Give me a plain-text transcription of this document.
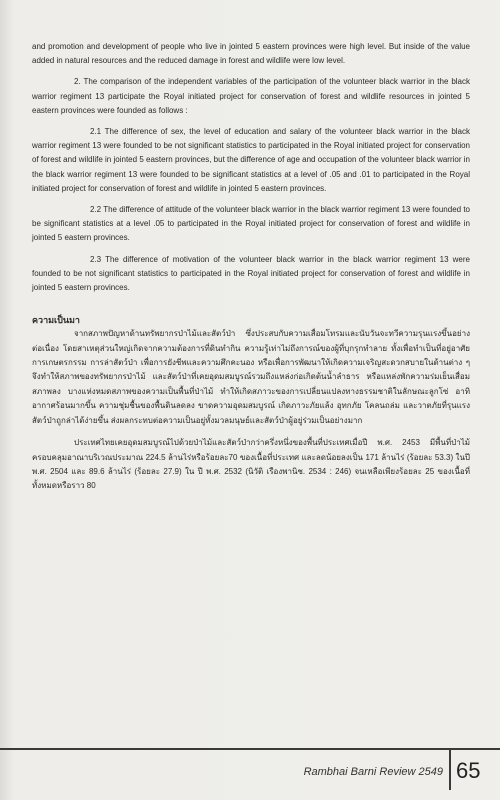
and promotion and development of people who live in jointed 5 eastern provinces were high level. But inside of the value added in natural resources and the reduced damage in forest and wildlife were low level.

2. The comparison of the independent variables of the participation of the volunteer black warrior in the black warrior regiment 13 participate the Royal initiated project for conservation of forest and wildlife resources in jointed 5 eastern provinces were founded as follows :

2.1 The difference of sex, the level of education and salary of the volunteer black warrior in the black warrior regiment 13 were founded to be not significant statistics to participated in the Royal initiated project for conservation of forest and wildlife in jointed 5 eastern provinces, but the difference of age and occupation of the volunteer black warrior in the black warrior regiment 13 were founded to be significant statistics at a level of .05 and .01 to participated in the Royal initiated project for conservation of forest and wildlife in jointed 5 eastern provinces.

2.2 The difference of attitude of the volunteer black warrior in the black warrior regiment 13 were founded to be significant statistics at a level .05 to participated in the Royal initiated project for conservation of forest and wildlife in jointed 5 eastern provinces.

2.3 The difference of motivation of the volunteer black warrior in the black warrior regiment 13 were founded to be not significant statistics to participated in the Royal initiated project for conservation of forest and wildlife in jointed 5 eastern provinces.

ความเป็นมา

จากสภาพปัญหาด้านทรัพยากรป่าไม้และสัตว์ป่า ซึ่งประสบกับความเสื่อมโทรมและนับวันจะทวีความรุนแรงขึ้นอย่างต่อเนื่อง โดยสาเหตุส่วนใหญ่เกิดจากความต้องการที่ดินทำกิน ความรู้เท่าไม่ถึงการณ์ของผู้ที่บุกรุกทำลาย ทั้งเพื่อทำเป็นที่อยู่อาศัย การเกษตรกรรม การล่าสัตว์ป่า เพื่อการยังชีพและความศึกคะนอง หรือเพื่อการพัฒนาให้เกิดความเจริญสะดวกสบายในด้านต่าง ๆ จึงทำให้สภาพของทรัพยากรป่าไม้ และสัตว์ป่าที่เคยอุดมสมบูรณ์รวมถึงแหล่งก่อเกิดต้นน้ำลำธาร หรือแหล่งพักความร่มเย็นเสื่อมสภาพลง บางแห่งหมดสภาพของความเป็นพื้นที่ป่าไม้ ทำให้เกิดสภาวะของการเปลี่ยนแปลงทางธรรมชาติในลักษณะลูกโซ่ อาทิ อากาศร้อนมากขึ้น ความชุ่มชื้นของพื้นดินลดลง ขาดความอุดมสมบูรณ์ เกิดภาวะภัยแล้ง อุทกภัย โคลนถล่ม และวาตภัยที่รุนแรงสัตว์ป่าถูกล่าได้ง่ายขึ้น ส่งผลกระทบต่อความเป็นอยู่ทั้งมวลมนุษย์และสัตว์ป่าผู้อยู่ร่วมเป็นอย่างมาก

ประเทศไทยเคยอุดมสมบูรณ์ไปด้วยป่าไม้และสัตว์ป่ากว่าครึ่งหนึ่งของพื้นที่ประเทศเมื่อปี พ.ศ. 2453 มีพื้นที่ป่าไม้ครอบคลุมอาณาบริเวณประมาณ 224.5 ล้านไร่หรือร้อยละ70 ของเนื้อที่ประเทศ และลดน้อยลงเป็น 171 ล้านไร่ (ร้อยละ 53.3) ในปี พ.ศ. 2504 และ 89.6 ล้านไร่ (ร้อยละ 27.9) ใน ปี พ.ศ. 2532 (นิวัติ เรืองพานิช. 2534 : 246) จนเหลือเพียงร้อยละ 25 ของเนื้อที่ทั้งหมดหรือราว 80

Rambhai Barni Review 2549 65
